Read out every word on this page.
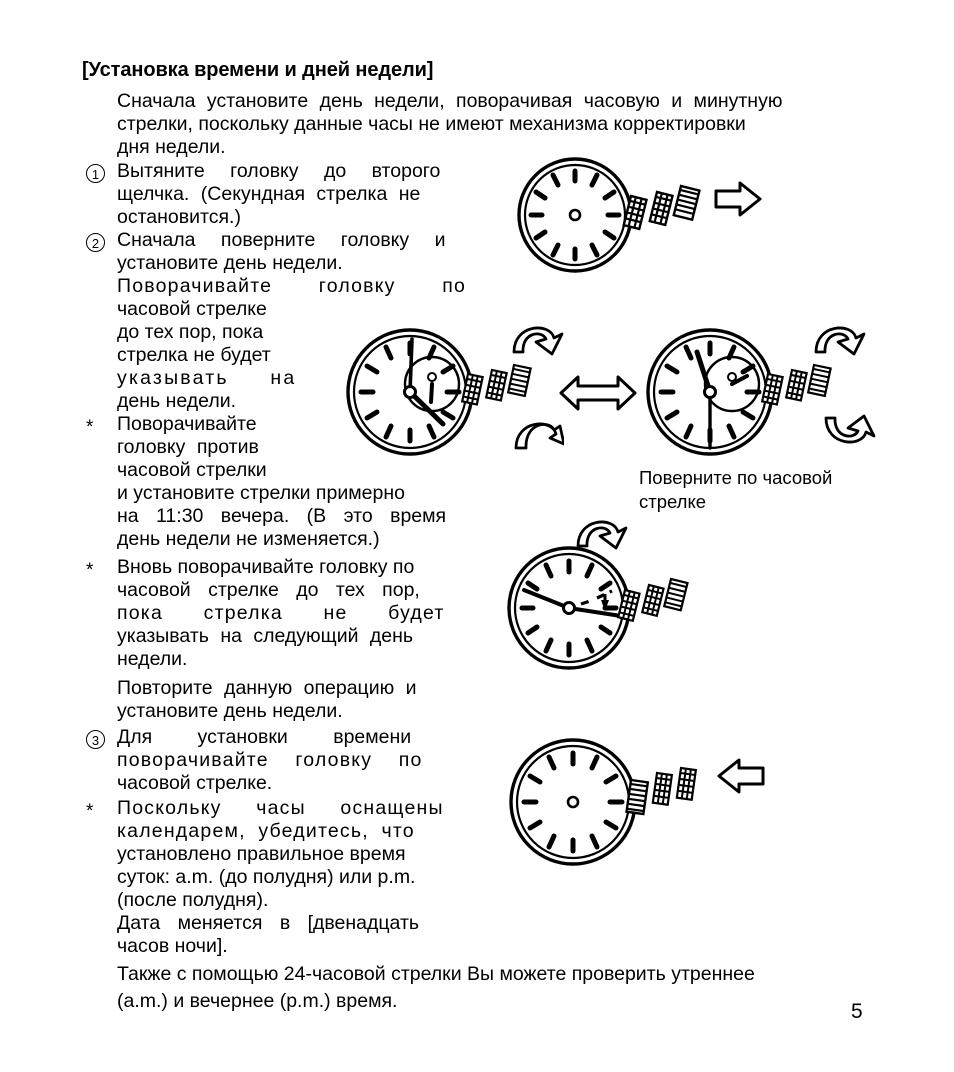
[Установка времени и дней недели]
Сначала установите день недели, поворачивая часовую и минутную
стрелки, поскольку данные часы не имеют механизма корректировки
дня недели.
1 Вытяните головку до второго
щелчка. (Секундная стрелка не
остановится.)
2 Сначала поверните головку и
установите день недели.
Поворачивайте головку по
часовой стрелке
до тех пор, пока
стрелка не будет
указывать на
день недели.
* Поворачивайте
головку против
часовой стрелки
и установите стрелки примерно
на 11:30 вечера. (В это время
день недели не изменяется.)
* Вновь поворачивайте головку по
часовой стрелке до тех пор,
пока стрелка не будет
указывать на следующий день
недели.
Повторите данную операцию и
установите день недели.
3 Для установки времени
поворачивайте головку по
часовой стрелке.
* Поскольку часы оснащены
календарем, убедитесь, что
установлено правильное время
суток: a.m. (до полудня) или p.m.
(после полудня).
Дата меняется в [двенадцать
часов ночи].
Также с помощью 24-часовой стрелки Вы можете проверить утреннее
(a.m.) и вечернее (p.m.) время.	5
Поверните по часовой
стрелке
